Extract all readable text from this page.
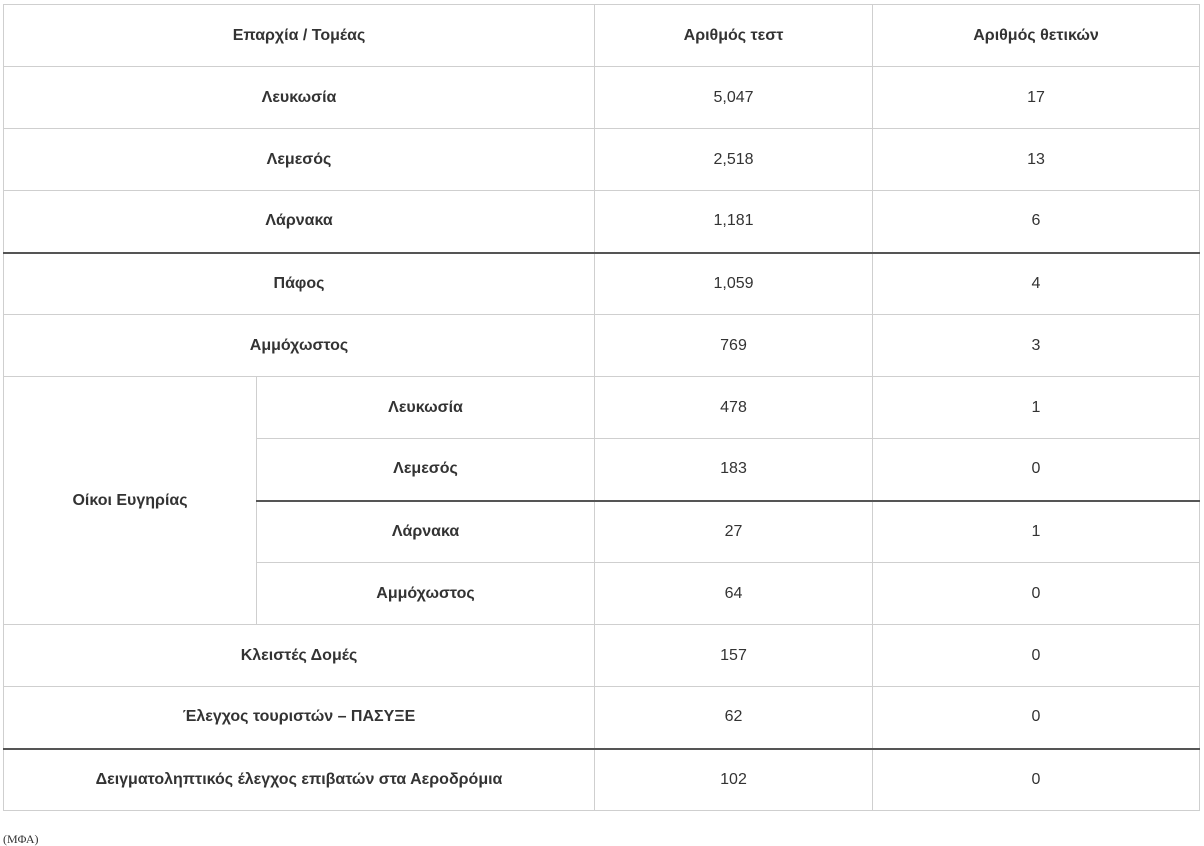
Επαρχία / Τομέας		Αριθμός τεστ	Αριθμός θετικών
Λευκωσία		5,047	17
Λεμεσός		2,518	13
Λάρνακα		1,181	6
Πάφος		1,059	4
Αμμόχωστος		769	3
Οίκοι Ευγηρίας	Λευκωσία	478	1
	Λεμεσός	183	0
	Λάρνακα	27	1
	Αμμόχωστος	64	0
Κλειστές Δομές		157	0
Έλεγχος τουριστών – ΠΑΣΥΞΕ		62	0
Δειγματοληπτικός έλεγχος επιβατών στα Αεροδρόμια		102	0
(ΜΦΑ)
